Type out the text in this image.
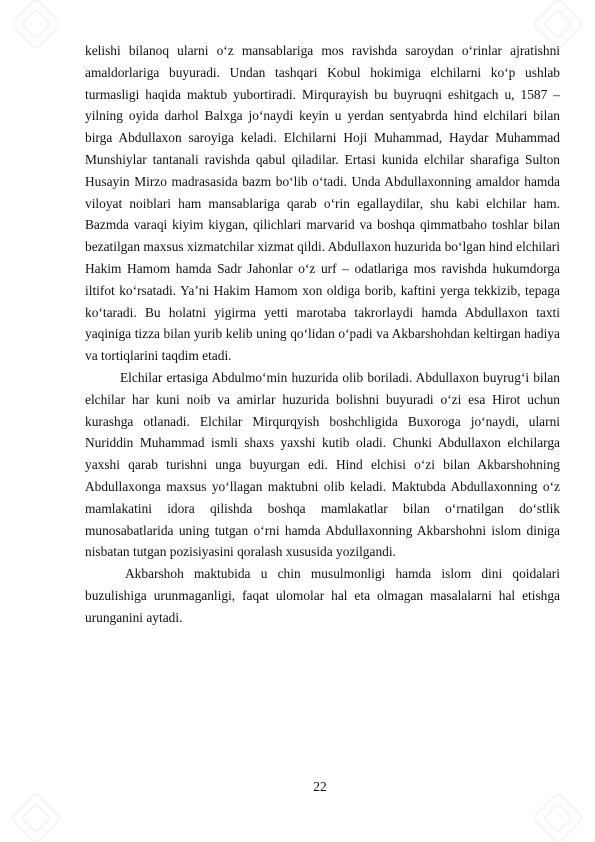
kelishi bilanoq ularni o‘z mansablariga mos ravishda saroydan o‘rinlar ajratishni amaldorlariga buyuradi. Undan tashqari Kobul hokimiga elchilarni ko‘p ushlab turmasligi haqida maktub yubortiradi. Mirqurayish bu buyruqni eshitgach u, 1587 – yilning oyida darhol Balxga jo‘naydi keyin u yerdan sentyabrda hind elchilari bilan birga Abdullaxon saroyiga keladi. Elchilarni Hoji Muhammad, Haydar Muhammad Munshiylar tantanali ravishda qabul qiladilar. Ertasi kunida elchilar sharafiga Sulton Husayin Mirzo madrasasida bazm bo‘lib o‘tadi. Unda Abdullaxonning amaldor hamda viloyat noiblari ham mansablariga qarab o‘rin egallaydilar, shu kabi elchilar ham. Bazmda varaqi kiyim kiygan, qilichlari marvarid va boshqa qimmatbaho toshlar bilan bezatilgan maxsus xizmatchilar xizmat qildi. Abdullaxon huzurida bo‘lgan hind elchilari Hakim Hamom hamda Sadr Jahonlar o‘z urf – odatlariga mos ravishda hukumdorga iltifot ko‘rsatadi. Ya’ni Hakim Hamom xon oldiga borib, kaftini yerga tekkizib, tepaga ko‘taradi. Bu holatni yigirma yetti marotaba takrorlaydi hamda Abdullaxon taxti yaqiniga tizza bilan yurib kelib uning qo‘lidan o‘padi va Akbarshohdan keltirgan hadiya va tortiqlarini taqdim etadi.

Elchilar ertasiga Abdulmo‘min huzurida olib boriladi. Abdullaxon buyrug‘i bilan elchilar har kuni noib va amirlar huzurida bolishni buyuradi o‘zi esa Hirot uchun kurashga otlanadi. Elchilar Mirqurqyish boshchligida Buxoroga jo‘naydi, ularni Nuriddin Muhammad ismli shaxs yaxshi kutib oladi. Chunki Abdullaxon elchilarga yaxshi qarab turishni unga buyurgan edi. Hind elchisi o‘zi bilan Akbarshohning Abdullaxonga maxsus yo‘llagan maktubni olib keladi. Maktubda Abdullaxonning o‘z mamlakatini idora qilishda boshqa mamlakatlar bilan o‘rnatilgan do‘stlik munosabatlarida uning tutgan o‘rni hamda Abdullaxonning Akbarshohni islom diniga nisbatan tutgan pozisiyasini qoralash xususida yozilgandi.

Akbarshoh maktubida u chin musulmonligi hamda islom dini qoidalari buzulishiga urunmaganligi, faqat ulomolar hal eta olmagan masalalarni hal etishga urunganini aytadi.

22
